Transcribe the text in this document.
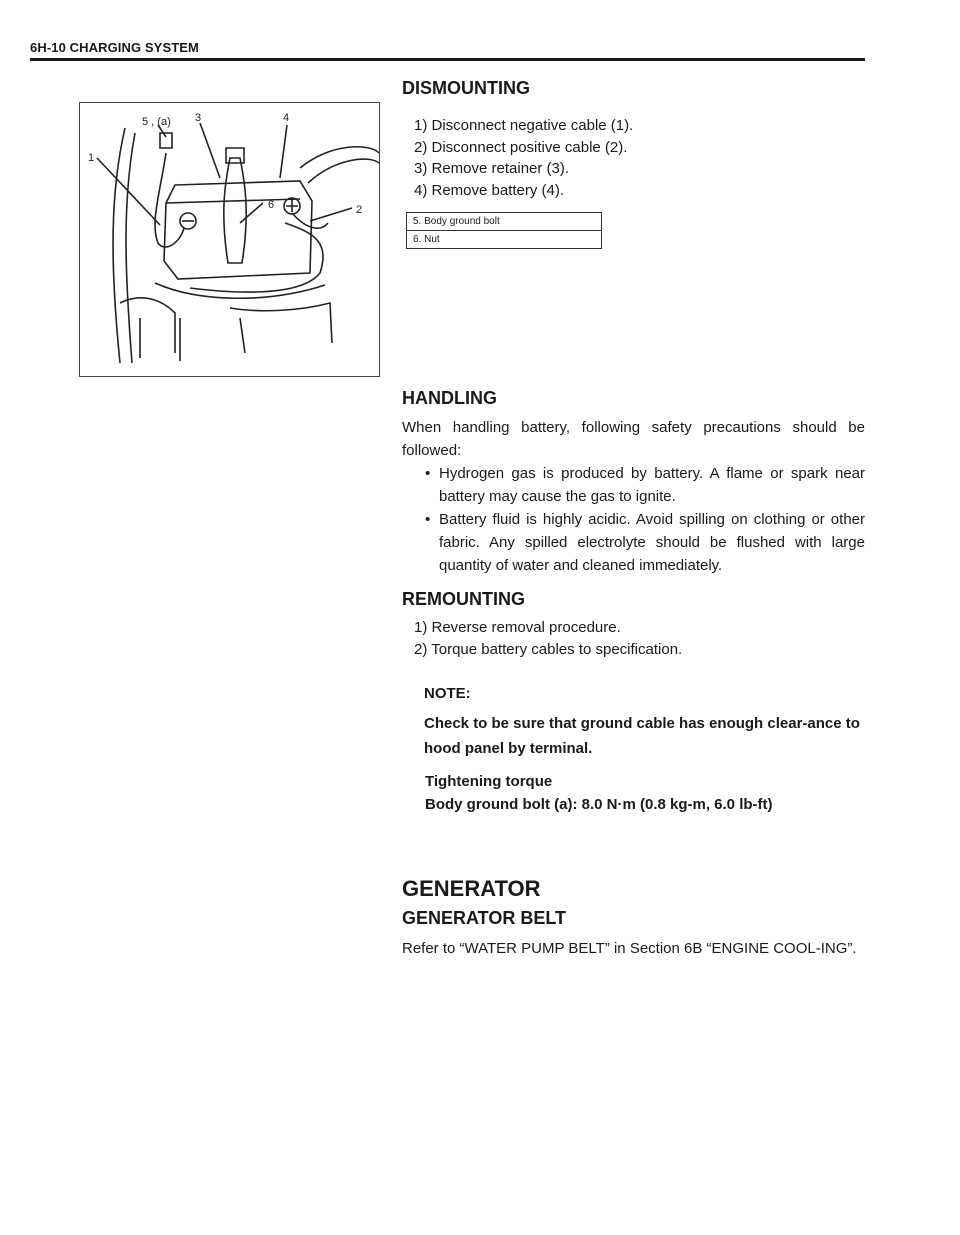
6H-10 CHARGING SYSTEM
1
2
3	4
5 , (a)
6
DISMOUNTING
1) Disconnect negative cable (1).
2) Disconnect positive cable (2).
3) Remove retainer (3).
4) Remove battery (4).
5. Body ground bolt
6. Nut
HANDLING
When handling battery, following safety precautions should be followed:
• Hydrogen gas is produced by battery. A flame or spark near battery may cause the gas to ignite.
• Battery fluid is highly acidic. Avoid spilling on clothing or other fabric. Any spilled electrolyte should be flushed with large quantity of water and cleaned immediately.
REMOUNTING
1) Reverse removal procedure.
2) Torque battery cables to specification.
NOTE:
Check to be sure that ground cable has enough clear-ance to hood panel by terminal.
Tightening torque
Body ground bolt (a): 8.0 N·m (0.8 kg-m, 6.0 lb-ft)
GENERATOR
GENERATOR BELT
Refer to “WATER PUMP BELT” in Section 6B “ENGINE COOL-ING”.
